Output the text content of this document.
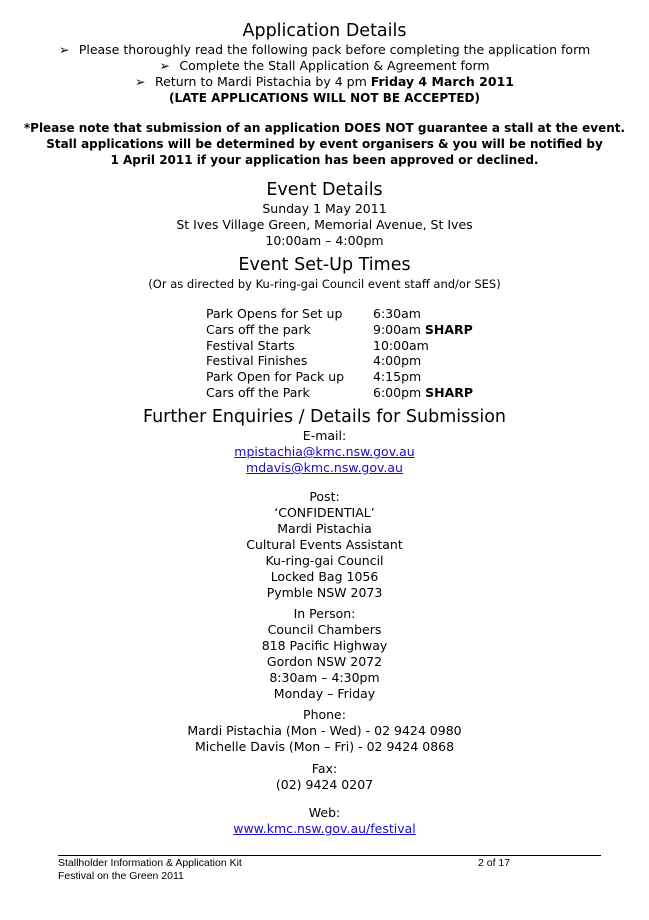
Application Details
➢ Please thoroughly read the following pack before completing the application form
➢ Complete the Stall Application & Agreement form
➢ Return to Mardi Pistachia by 4 pm Friday 4 March 2011
(LATE APPLICATIONS WILL NOT BE ACCEPTED)
*Please note that submission of an application DOES NOT guarantee a stall at the event.
Stall applications will be determined by event organisers & you will be notified by
1 April 2011 if your application has been approved or declined.
Event Details
Sunday 1 May 2011
St Ives Village Green, Memorial Avenue, St Ives
10:00am – 4:00pm
Event Set-Up Times
(Or as directed by Ku-ring-gai Council event staff and/or SES)
Park Opens for Set up	6:30am
Cars off the park	9:00am SHARP
Festival Starts	10:00am
Festival Finishes	4:00pm
Park Open for Pack up	4:15pm
Cars off the Park	6:00pm SHARP
Further Enquiries / Details for Submission
E-mail:
mpistachia@kmc.nsw.gov.au
mdavis@kmc.nsw.gov.au
Post:
‘CONFIDENTIAL’
Mardi Pistachia
Cultural Events Assistant
Ku-ring-gai Council
Locked Bag 1056
Pymble NSW 2073
In Person:
Council Chambers
818 Pacific Highway
Gordon NSW 2072
8:30am – 4:30pm
Monday – Friday
Phone:
Mardi Pistachia (Mon - Wed) - 02 9424 0980
Michelle Davis (Mon – Fri) - 02 9424 0868
Fax:
(02) 9424 0207
Web:
www.kmc.nsw.gov.au/festival
Stallholder Information & Application Kit
Festival on the Green 2011
2 of 17
